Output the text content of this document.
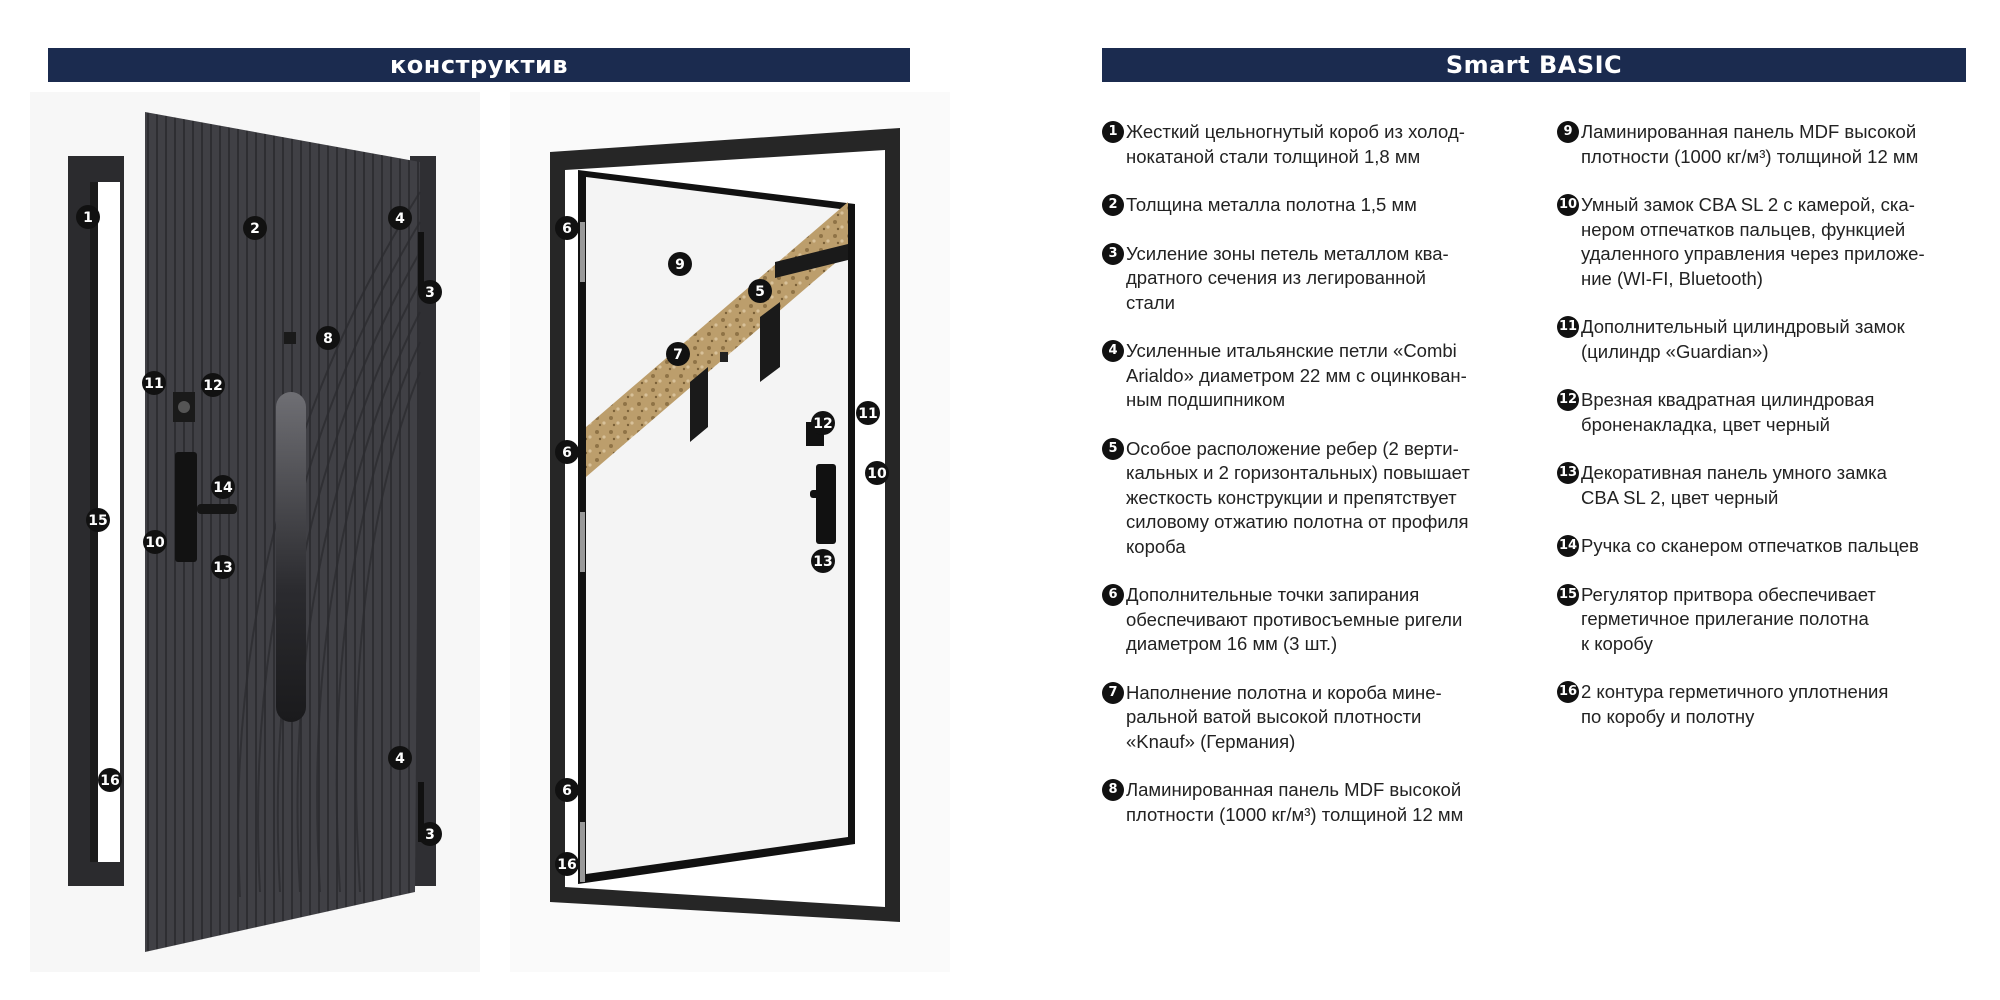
конструктив	Smart BASIC
1
2
4
3
8
11	12
14
15
10
13
4
16
3
6
9
5
7
6
12
11
10
13
6
16
1 Жесткий цельногнутый короб из холод-
нокатаной стали толщиной 1,8 мм
2 Толщина металла полотна 1,5 мм
3 Усиление зоны петель металлом ква-
дратного сечения из легированной
стали
4 Усиленные итальянские петли «Combi
Arialdo» диаметром 22 мм с оцинкован-
ным подшипником
5 Особое расположение ребер (2 верти-
кальных и 2 горизонтальных) повышает
жесткость конструкции и препятствует
силовому отжатию полотна от профиля
короба
6 Дополнительные точки запирания
обеспечивают противосъемные ригели
диаметром 16 мм (3 шт.)
7 Наполнение полотна и короба мине-
ральной ватой высокой плотности
«Knauf» (Германия)
8 Ламинированная панель MDF высокой
плотности (1000 кг/м³) толщиной 12 мм
9 Ламинированная панель MDF высокой
плотности (1000 кг/м³) толщиной 12 мм
10 Умный замок CBA SL 2 с камерой, ска-
нером отпечатков пальцев, функцией
удаленного управления через приложе-
ние (WI-FI, Bluetooth)
11 Дополнительный цилиндровый замок
(цилиндр «Guardian»)
12 Врезная квадратная цилиндровая
броненакладка, цвет черный
13 Декоративная панель умного замка
CBA SL 2, цвет черный
14 Ручка со сканером отпечатков пальцев
15 Регулятор притвора обеспечивает
герметичное прилегание полотна
к коробу
16 2 контура герметичного уплотнения
по коробу и полотну
